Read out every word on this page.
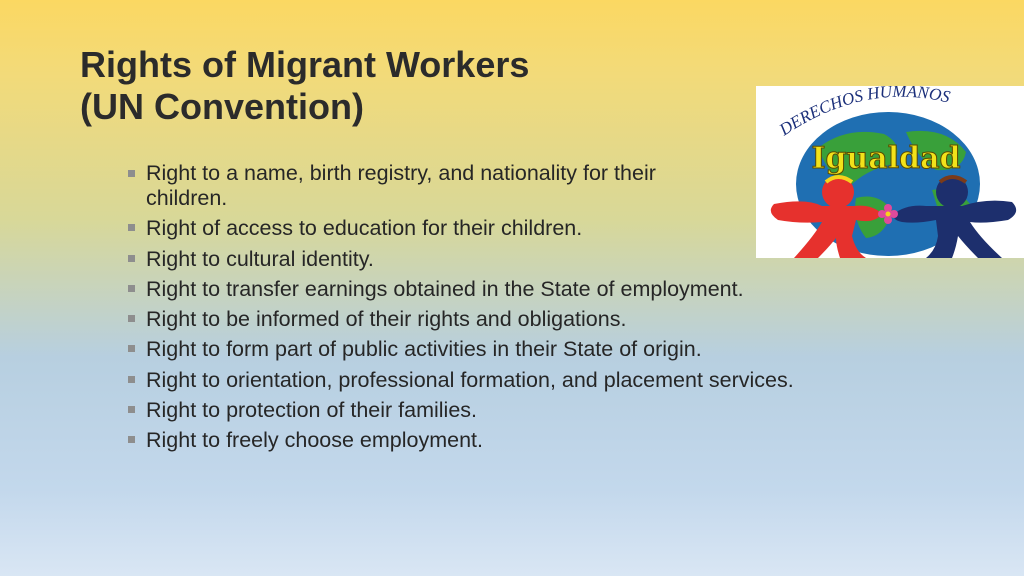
Rights of Migrant Workers
(UN Convention)
Right to a name, birth registry, and nationality for their children.
Right of access to education for their children.
Right to cultural identity.
Right to transfer earnings obtained in the State of employment.
Right to be informed of their rights and obligations.
Right to form part of public activities in their State of origin.
Right to orientation, professional formation, and placement services.
Right to protection of their families.
Right to freely choose employment.
DERECHOS HUMANOS
Igualdad
